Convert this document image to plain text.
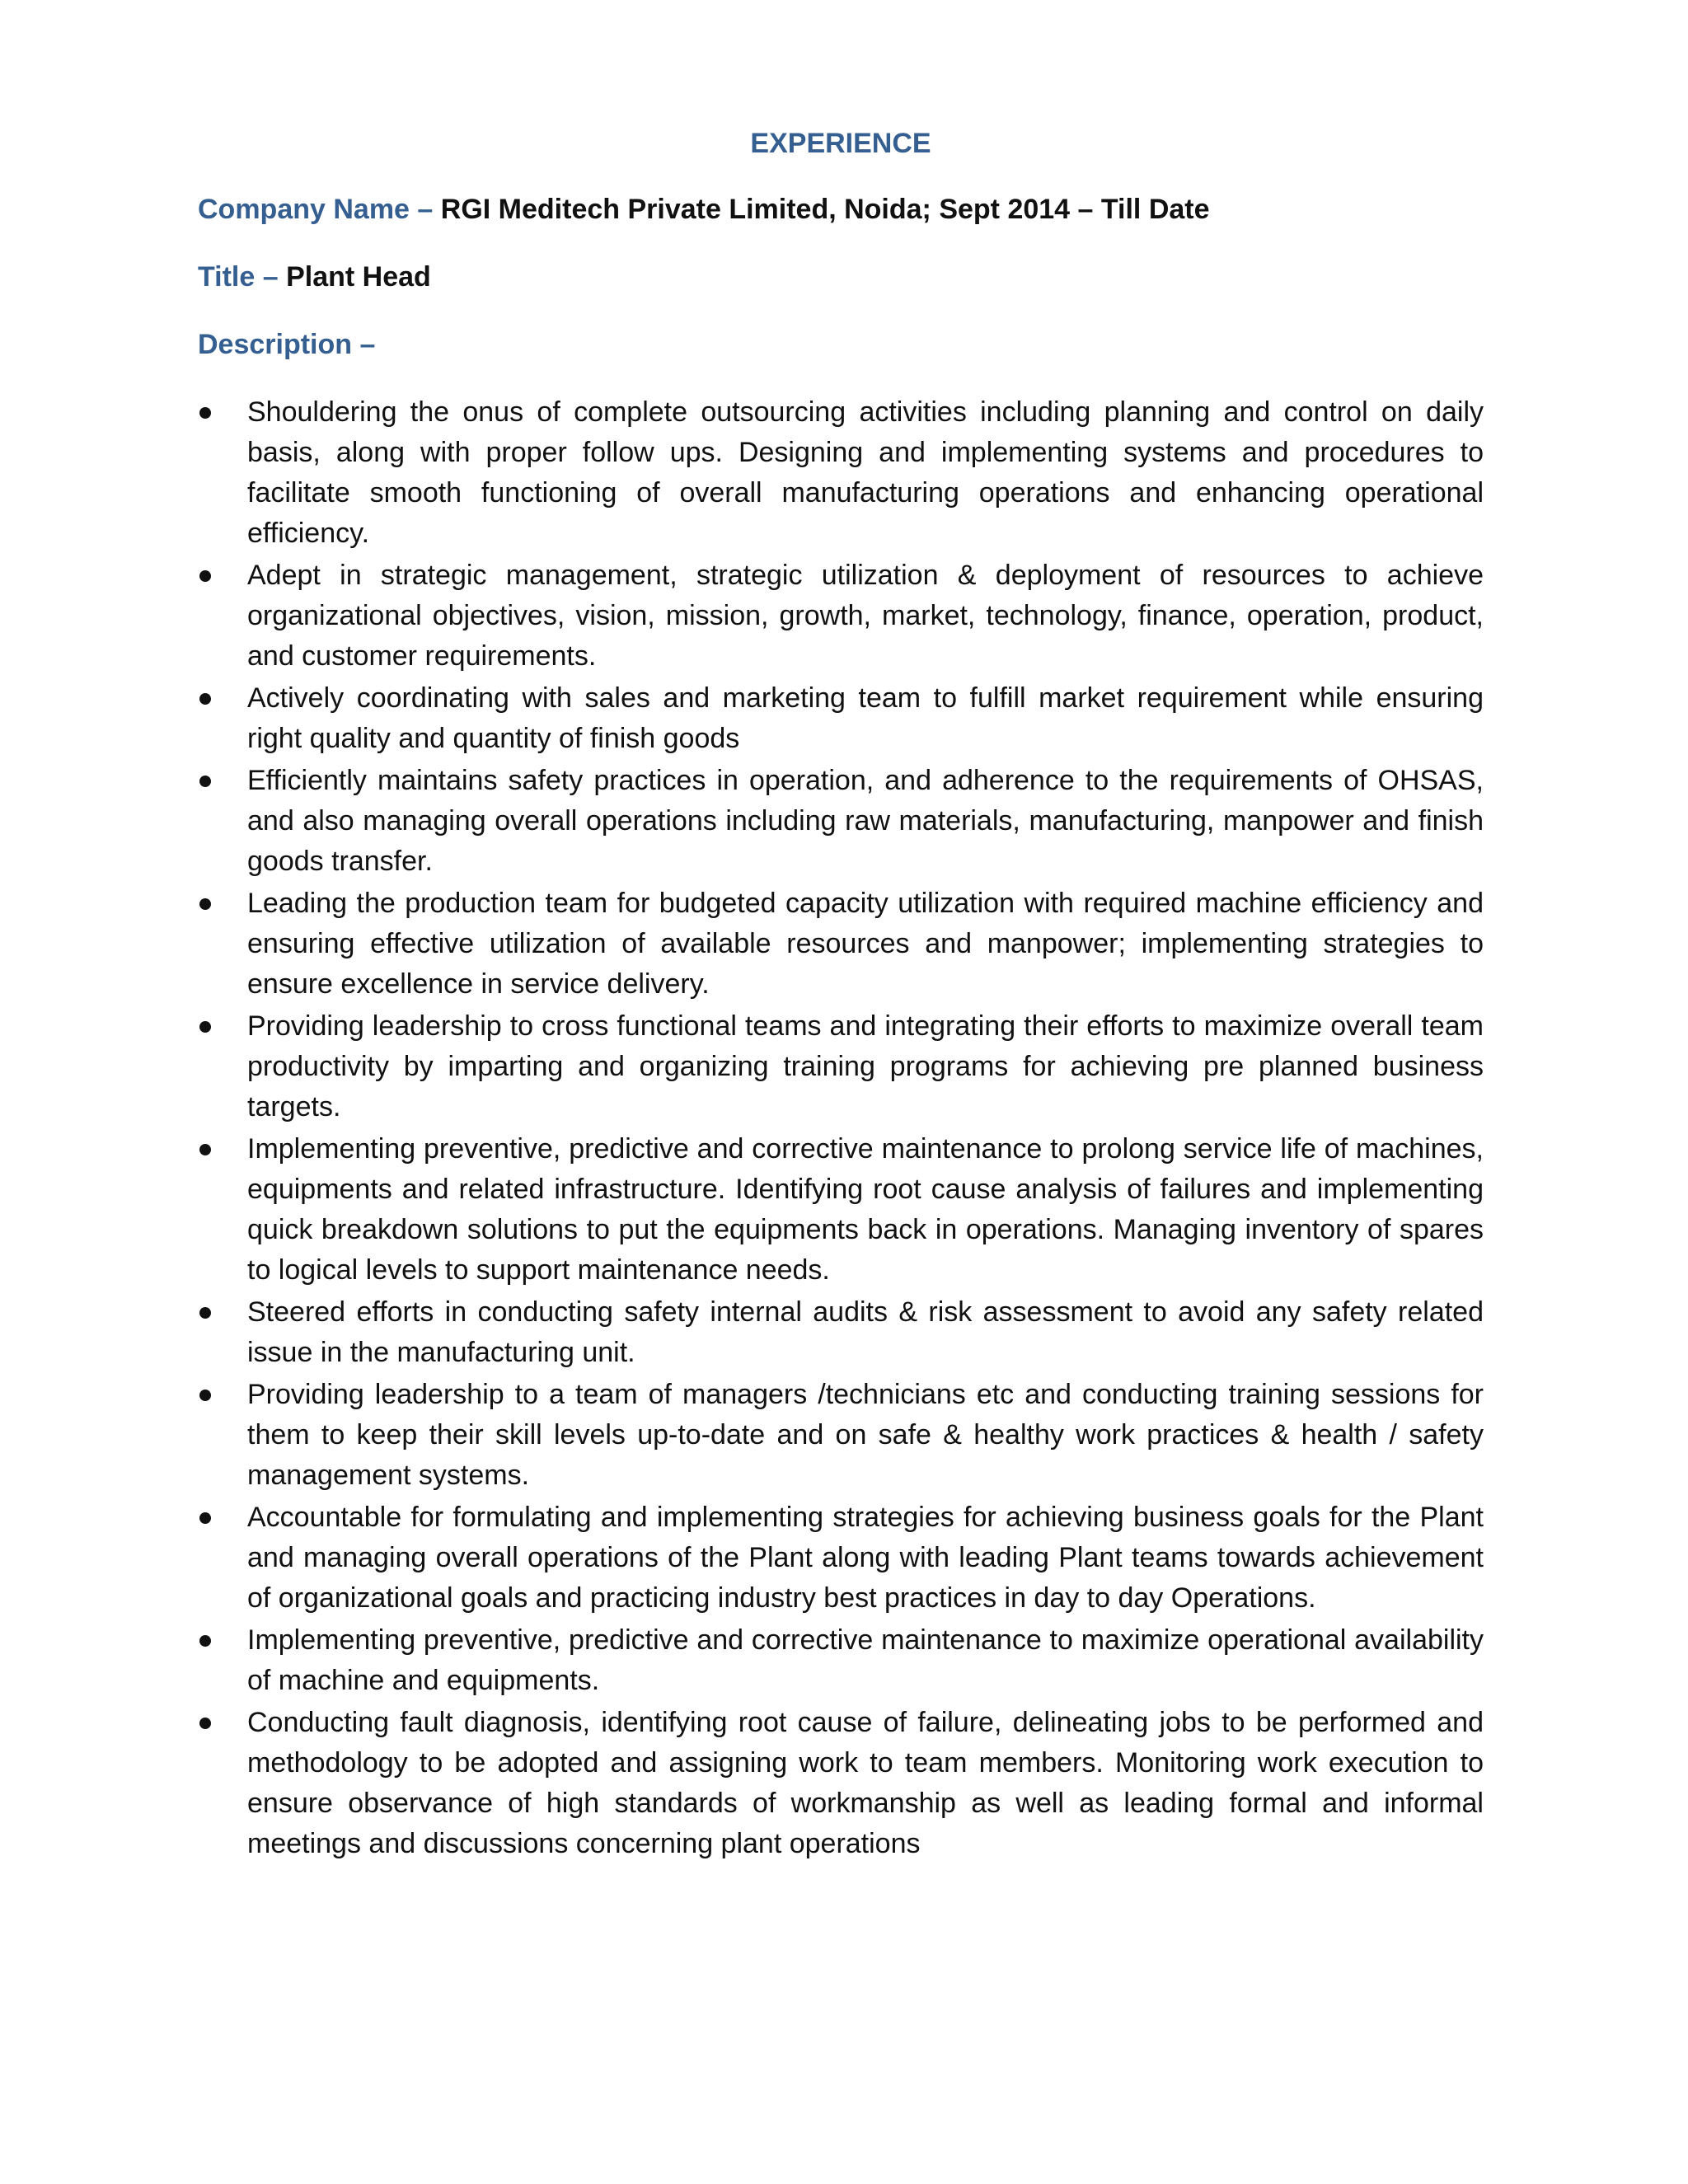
EXPERIENCE
Company Name – RGI Meditech Private Limited, Noida; Sept 2014 – Till Date
Title – Plant Head
Description –
Shouldering the onus of complete outsourcing activities including planning and control on daily basis, along with proper follow ups. Designing and implementing systems and procedures to facilitate smooth functioning of overall manufacturing operations and enhancing operational efficiency.
Adept in strategic management, strategic utilization & deployment of resources to achieve organizational objectives, vision, mission, growth, market, technology, finance, operation, product, and customer requirements.
Actively coordinating with sales and marketing team to fulfill market requirement while ensuring right quality and quantity of finish goods
Efficiently maintains safety practices in operation, and adherence to the requirements of OHSAS, and also managing overall operations including raw materials, manufacturing, manpower and finish goods transfer.
Leading the production team for budgeted capacity utilization with required machine efficiency and ensuring effective utilization of available resources and manpower; implementing strategies to ensure excellence in service delivery.
Providing leadership to cross functional teams and integrating their efforts to maximize overall team productivity by imparting and organizing training programs for achieving pre planned business targets.
Implementing preventive, predictive and corrective maintenance to prolong service life of machines, equipments and related infrastructure. Identifying root cause analysis of failures and implementing quick breakdown solutions to put the equipments back in operations. Managing inventory of spares to logical levels to support maintenance needs.
Steered efforts in conducting safety internal audits & risk assessment to avoid any safety related issue in the manufacturing unit.
Providing leadership to a team of managers /technicians etc and conducting training sessions for them to keep their skill levels up-to-date and on safe & healthy work practices & health / safety management systems.
Accountable for formulating and implementing strategies for achieving business goals for the Plant and managing overall operations of the Plant along with leading Plant teams towards achievement of organizational goals and practicing industry best practices in day to day Operations.
Implementing preventive, predictive and corrective maintenance to maximize operational availability of machine and equipments.
Conducting fault diagnosis, identifying root cause of failure, delineating jobs to be performed and methodology to be adopted and assigning work to team members. Monitoring work execution to ensure observance of high standards of workmanship as well as leading formal and informal meetings and discussions concerning plant operations
